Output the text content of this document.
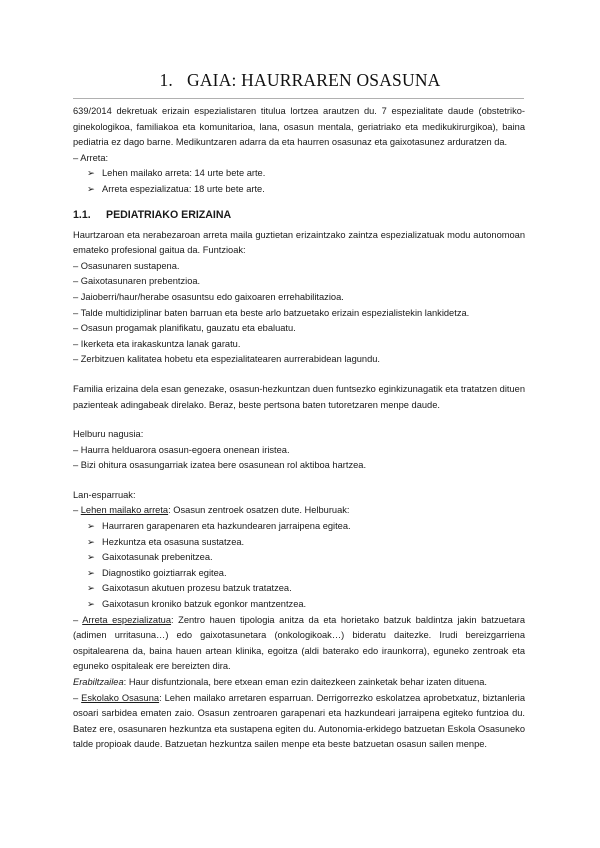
1. GAIA: HAURRAREN OSASUNA

639/2014 dekretuak erizain espezialistaren titulua lortzea arautzen du. 7 espezialitate daude (obstetriko-ginekologikoa, familiakoa eta komunitarioa, lana, osasun mentala, geriatriako eta medikukirurgikoa), baina pediatria ez dago barne. Medikuntzaren adarra da eta haurren osasunaz eta gaixotasunez arduratzen da.

– Arreta:

➢ Lehen mailako arreta: 14 urte bete arte.

➢ Arreta espezializatua: 18 urte bete arte.

1.1. PEDIATRIAKO ERIZAINA

Haurtzaroan eta nerabezaroan arreta maila guztietan erizaintzako zaintza espezializatuak modu autonomoan emateko profesional gaitua da. Funtzioak:

– Osasunaren sustapena.

– Gaixotasunaren prebentzioa.

– Jaioberri/haur/herabe osasuntsu edo gaixoaren errehabilitazioa.

– Talde multidiziplinar baten barruan eta beste arlo batzuetako erizain espezialistekin lankidetza.

– Osasun progamak planifikatu, gauzatu eta ebaluatu.

– Ikerketa eta irakaskuntza lanak garatu.

– Zerbitzuen kalitatea hobetu eta espezialitatearen aurrerabidean lagundu.

Familia erizaina dela esan genezake, osasun-hezkuntzan duen funtsezko eginkizunagatik eta tratatzen dituen pazienteak adingabeak direlako. Beraz, beste pertsona baten tutoretzaren menpe daude.

Helburu nagusia:

– Haurra helduarora osasun-egoera onenean iristea.

– Bizi ohitura osasungarriak izatea bere osasunean rol aktiboa hartzea.

Lan-esparruak:

– Lehen mailako arreta: Osasun zentroek osatzen dute. Helburuak:

➢ Haurraren garapenaren eta hazkundearen jarraipena egitea.

➢ Hezkuntza eta osasuna sustatzea.

➢ Gaixotasunak prebenitzea.

➢ Diagnostiko goiztiarrak egitea.

➢ Gaixotasun akutuen prozesu batzuk tratatzea.

➢ Gaixotasun kroniko batzuk egonkor mantzentzea.

– Arreta espezializatua: Zentro hauen tipologia anitza da eta horietako batzuk baldintza jakin batzuetara (adimen urritasuna…) edo gaixotasunetara (onkologikoak…) bideratu daitezke. Irudi bereizgarriena ospitalearena da, baina hauen artean klinika, egoitza (aldi baterako edo iraunkorra), eguneko zentroak eta eguneko ospitaleak ere bereizten dira.

Erabiltzailea: Haur disfuntzionala, bere etxean eman ezin daitezkeen zainketak behar izaten dituena.

– Eskolako Osasuna: Lehen mailako arretaren esparruan. Derrigorrezko eskolatzea aprobetxatuz, biztanleria osoari sarbidea ematen zaio. Osasun zentroaren garapenari eta hazkundeari jarraipena egiteko funtzioa du. Batez ere, osasunaren hezkuntza eta sustapena egiten du. Autonomia-erkidego batzuetan Eskola Osasuneko talde propioak daude. Batzuetan hezkuntza sailen menpe eta beste batzuetan osasun sailen menpe.
